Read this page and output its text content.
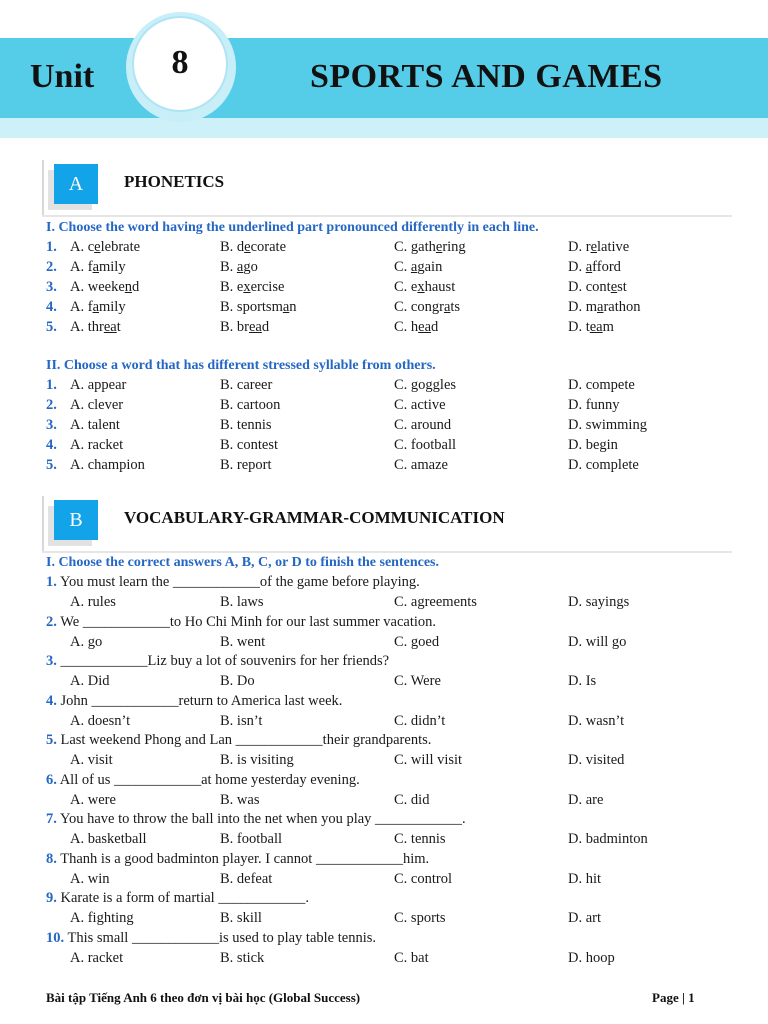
Unit	8	SPORTS AND GAMES
A	PHONETICS
I. Choose the word having the underlined part pronounced differently in each line.
1. A. celebrate	B. decorate	C. gathering	D. relative
2. A. family	B. ago	C. again	D. afford
3. A. weekend	B. exercise	C. exhaust	D. contest
4. A. family	B. sportsman	C. congrats	D. marathon
5. A. threat	B. bread	C. head	D. team
II. Choose a word that has different stressed syllable from others.
1. A. appear	B. career	C. goggles	D. compete
2. A. clever	B. cartoon	C. active	D. funny
3. A. talent	B. tennis	C. around	D. swimming
4. A. racket	B. contest	C. football	D. begin
5. A. champion	B. report	C. amaze	D. complete
B	VOCABULARY-GRAMMAR-COMMUNICATION
I. Choose the correct answers A, B, C, or D to finish the sentences.
1. You must learn the ____________of the game before playing.
A. rules	B. laws	C. agreements	D. sayings
2. We ____________to Ho Chi Minh for our last summer vacation.
A. go	B. went	C. goed	D. will go
3. ____________Liz buy a lot of souvenirs for her friends?
A. Did	B. Do	C. Were	D. Is
4. John ____________return to America last week.
A. doesn’t	B. isn’t	C. didn’t	D. wasn’t
5. Last weekend Phong and Lan ____________their grandparents.
A. visit	B. is visiting	C. will visit	D. visited
6. All of us ____________at home yesterday evening.
A. were	B. was	C. did	D. are
7. You have to throw the ball into the net when you play ____________.
A. basketball	B. football	C. tennis	D. badminton
8. Thanh is a good badminton player. I cannot ____________him.
A. win	B. defeat	C. control	D. hit
9. Karate is a form of martial ____________.
A. fighting	B. skill	C. sports	D. art
10. This small ____________is used to play table tennis.
A. racket	B. stick	C. bat	D. hoop
Bài tập Tiếng Anh 6 theo đơn vị bài học (Global Success)	Page | 1
